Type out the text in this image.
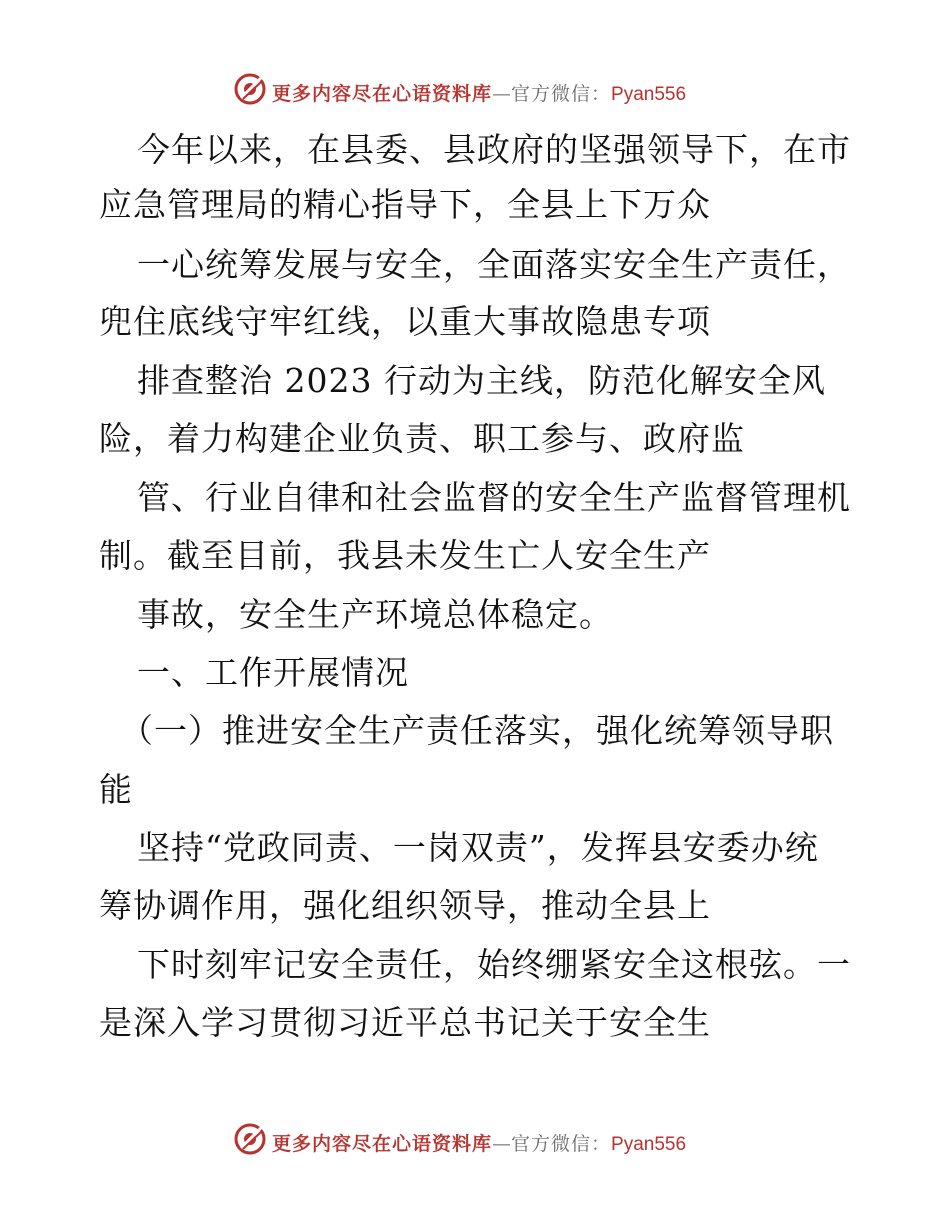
更多内容尽在心语资料库—官方微信：Pyan556
今年以来，在县委、县政府的坚强领导下，在市
应急管理局的精心指导下，全县上下万众
一心统筹发展与安全，全面落实安全生产责任，
兜住底线守牢红线，以重大事故隐患专项
排查整治 2023 行动为主线，防范化解安全风
险，着力构建企业负责、职工参与、政府监
管、行业自律和社会监督的安全生产监督管理机
制。截至目前，我县未发生亡人安全生产
事故，安全生产环境总体稳定。
一、工作开展情况
（一）推进安全生产责任落实，强化统筹领导职
能
坚持“党政同责、一岗双责”，发挥县安委办统
筹协调作用，强化组织领导，推动全县上
下时刻牢记安全责任，始终绷紧安全这根弦。一
是深入学习贯彻习近平总书记关于安全生
更多内容尽在心语资料库—官方微信：Pyan556
